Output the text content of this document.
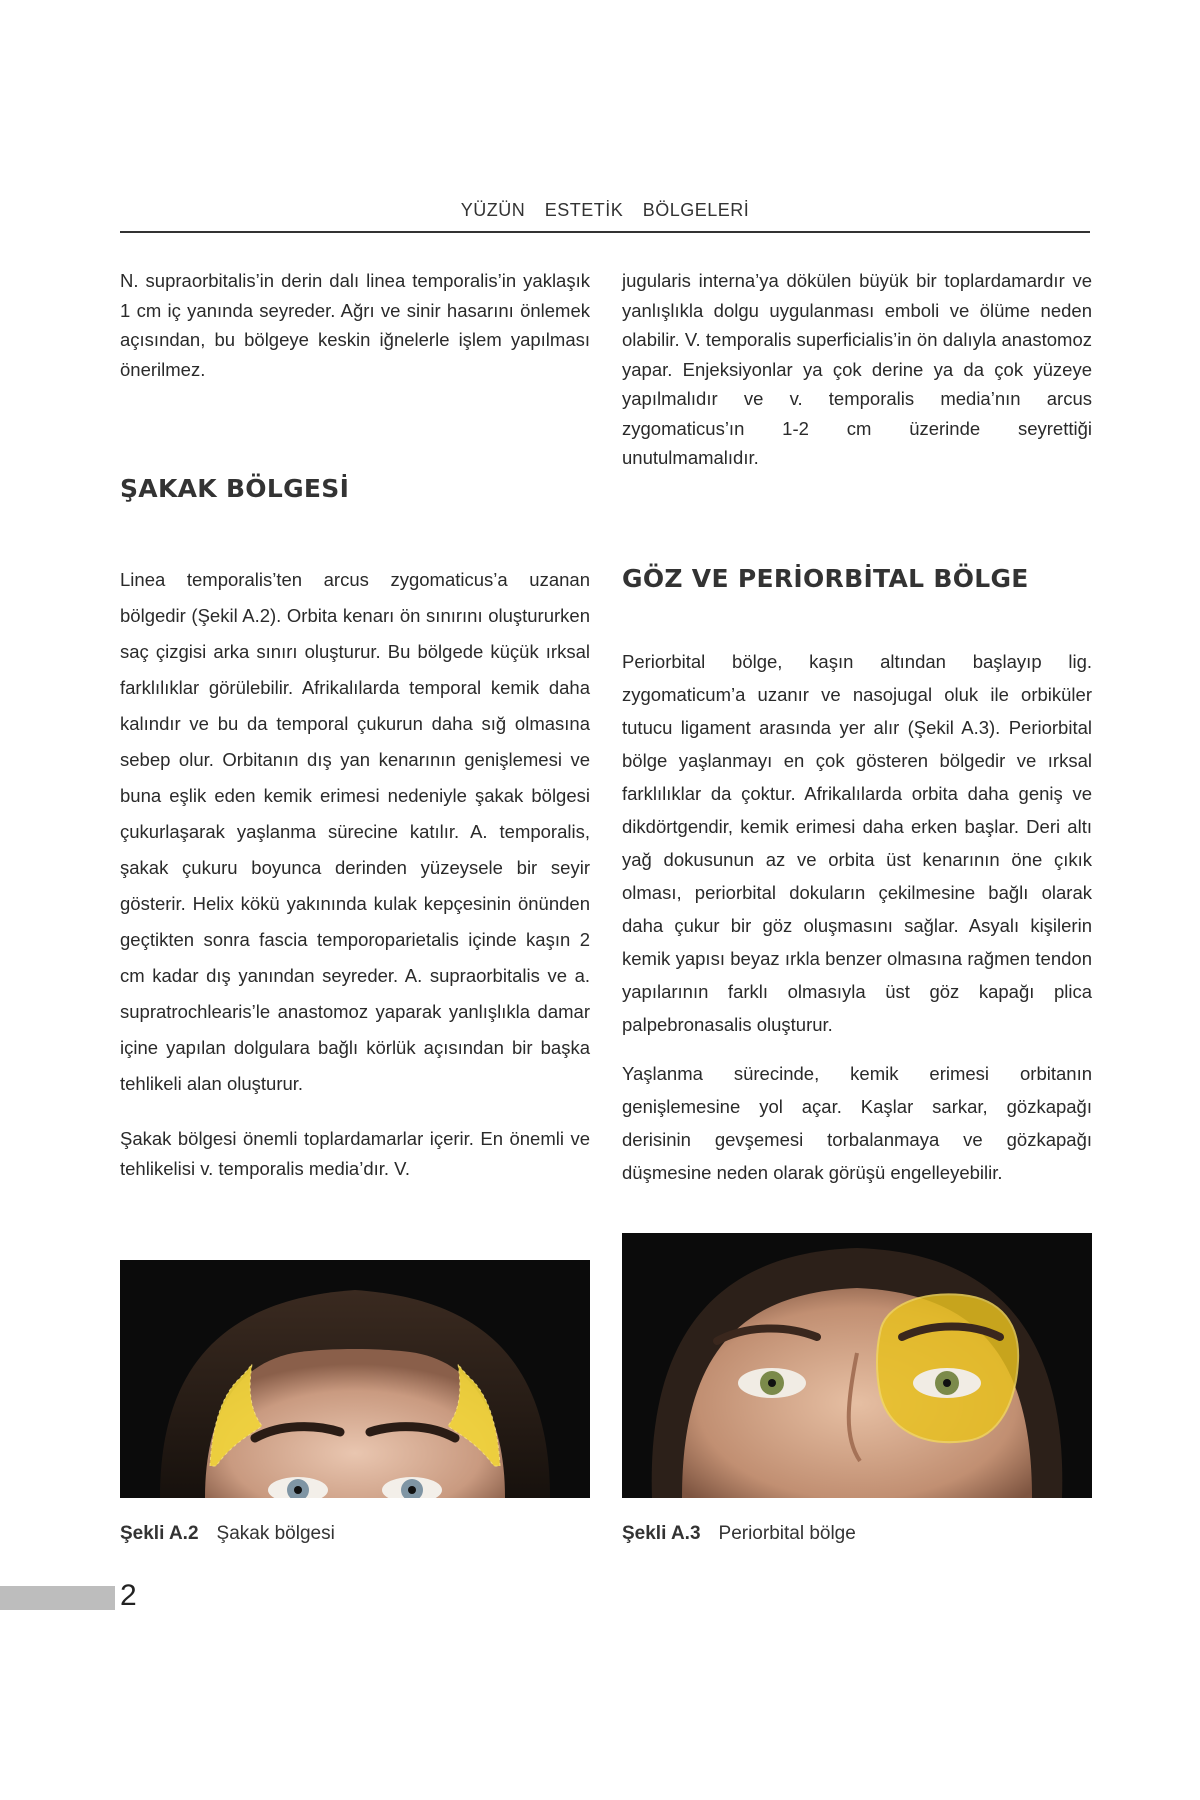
YÜZÜN ESTETİK BÖLGELERİ

N. supraorbitalis’in derin dalı linea temporalis’in yaklaşık 1 cm iç yanında seyreder. Ağrı ve sinir hasarını önlemek açısından, bu bölgeye keskin iğnelerle işlem yapılması önerilmez.

ŞAKAK BÖLGESİ

Linea temporalis’ten arcus zygomaticus’a uzanan bölgedir (Şekil A.2). Orbita kenarı ön sınırını oluştururken saç çizgisi arka sınırı oluşturur. Bu bölgede küçük ırksal farklılıklar görülebilir. Afrikalılarda temporal kemik daha kalındır ve bu da temporal çukurun daha sığ olmasına sebep olur. Orbitanın dış yan kenarının genişlemesi ve buna eşlik eden kemik erimesi nedeniyle şakak bölgesi çukurlaşarak yaşlanma sürecine katılır. A. temporalis, şakak çukuru boyunca derinden yüzeysele bir seyir gösterir. Helix kökü yakınında kulak kepçesinin önünden geçtikten sonra fascia temporoparietalis içinde kaşın 2 cm kadar dış yanından seyreder. A. supraorbitalis ve a. supratrochlearis’le anastomoz yaparak yanlışlıkla damar içine yapılan dolgulara bağlı körlük açısından bir başka tehlikeli alan oluşturur.

Şakak bölgesi önemli toplardamarlar içerir. En önemli ve tehlikelisi v. temporalis media’dır. V.

jugularis interna’ya dökülen büyük bir toplardamardır ve yanlışlıkla dolgu uygulanması emboli ve ölüme neden olabilir. V. temporalis superficialis’in ön dalıyla anastomoz yapar. Enjeksiyonlar ya çok derine ya da çok yüzeye yapılmalıdır ve v. temporalis media’nın arcus zygomaticus’ın 1-2 cm üzerinde seyrettiği unutulmamalıdır.

GÖZ VE PERİORBİTAL BÖLGE

Periorbital bölge, kaşın altından başlayıp lig. zygomaticum’a uzanır ve nasojugal oluk ile orbiküler tutucu ligament arasında yer alır (Şekil A.3). Periorbital bölge yaşlanmayı en çok gösteren bölgedir ve ırksal farklılıklar da çoktur. Afrikalılarda orbita daha geniş ve dikdörtgendir, kemik erimesi daha erken başlar. Deri altı yağ dokusunun az ve orbita üst kenarının öne çıkık olması, periorbital dokuların çekilmesine bağlı olarak daha çukur bir göz oluşmasını sağlar. Asyalı kişilerin kemik yapısı beyaz ırkla benzer olmasına rağmen tendon yapılarının farklı olmasıyla üst göz kapağı plica palpebronasalis oluşturur.

Yaşlanma sürecinde, kemik erimesi orbitanın genişlemesine yol açar. Kaşlar sarkar, gözkapağı derisinin gevşemesi torbalanmaya ve gözkapağı düşmesine neden olarak görüşü engelleyebilir.

Şekli A.2 Şakak bölgesi	Şekli A.3 Periorbital bölge
2
